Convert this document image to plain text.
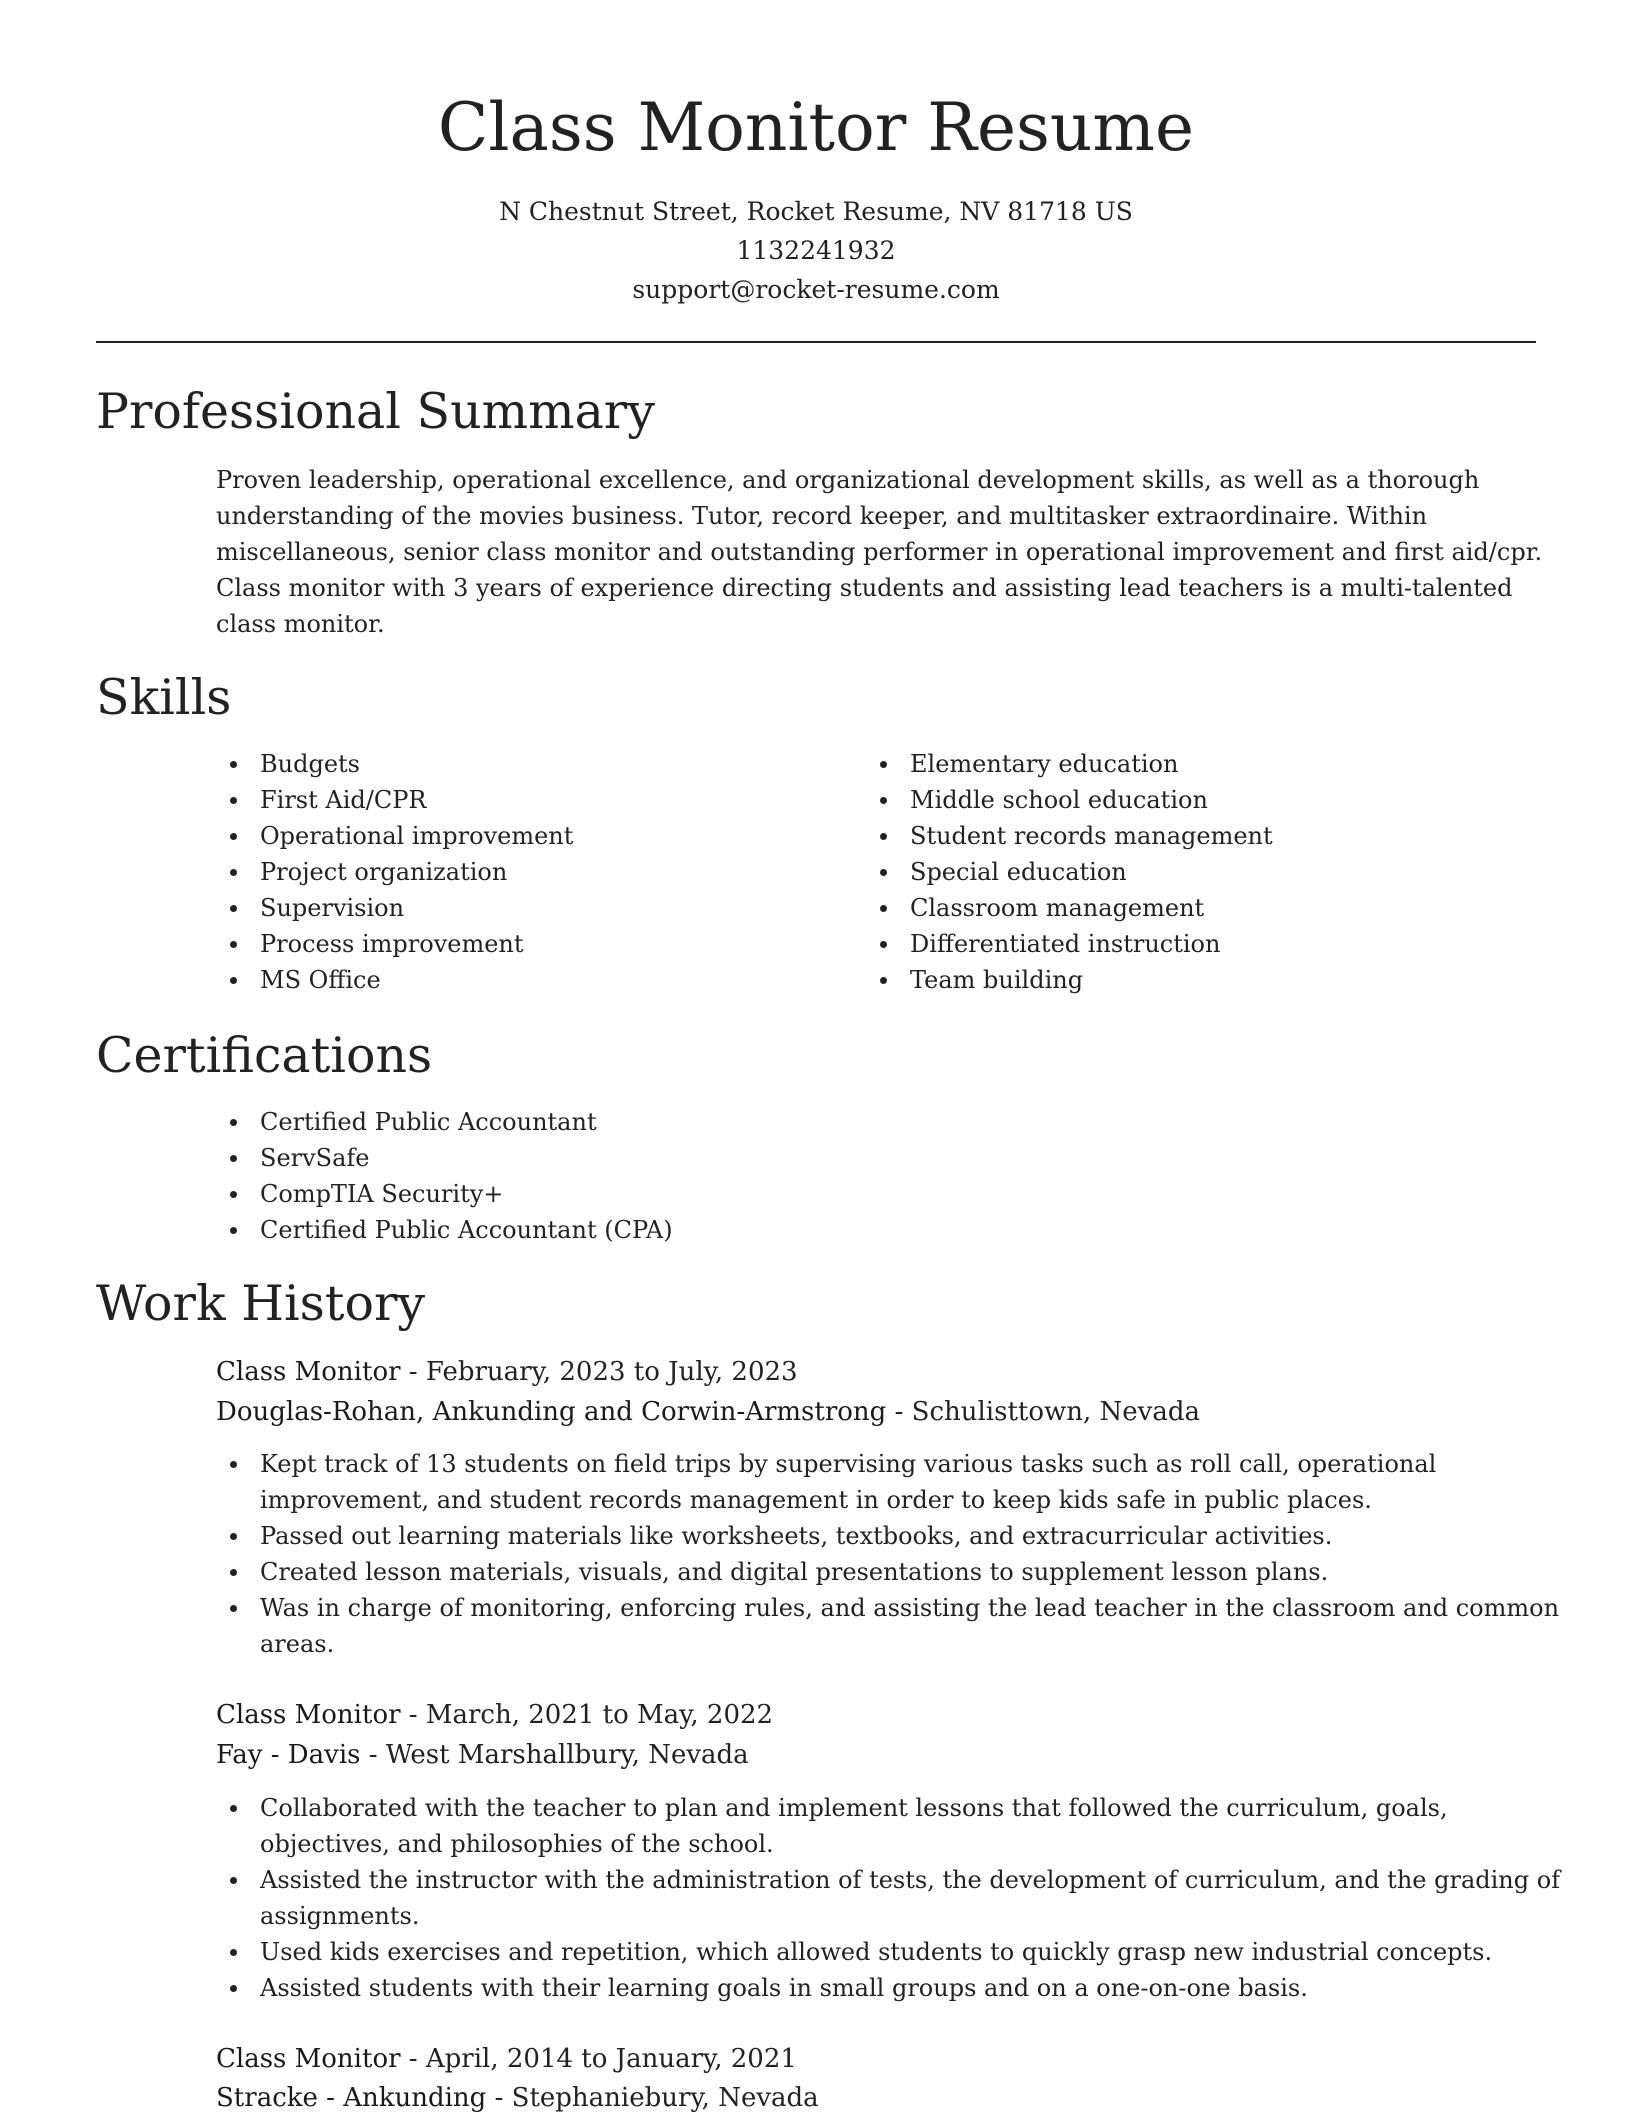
Class Monitor Resume
N Chestnut Street, Rocket Resume, NV 81718 US
1132241932
support@rocket-resume.com
Professional Summary

Proven leadership, operational excellence, and organizational development skills, as well as a thorough understanding of the movies business. Tutor, record keeper, and multitasker extraordinaire. Within miscellaneous, senior class monitor and outstanding performer in operational improvement and first aid/cpr. Class monitor with 3 years of experience directing students and assisting lead teachers is a multi-talented class monitor.

Skills
Budgets
First Aid/CPR
Operational improvement
Project organization
Supervision
Process improvement
MS Office
Elementary education
Middle school education
Student records management
Special education
Classroom management
Differentiated instruction
Team building
Certifications
Certified Public Accountant
ServSafe
CompTIA Security+
Certified Public Accountant (CPA)
Work History

Class Monitor - February, 2023 to July, 2023

Douglas-Rohan, Ankunding and Corwin-Armstrong - Schulisttown, Nevada

Kept track of 13 students on field trips by supervising various tasks such as roll call, operational improvement, and student records management in order to keep kids safe in public places.
Passed out learning materials like worksheets, textbooks, and extracurricular activities.
Created lesson materials, visuals, and digital presentations to supplement lesson plans.
Was in charge of monitoring, enforcing rules, and assisting the lead teacher in the classroom and common areas.

Class Monitor - March, 2021 to May, 2022

Fay - Davis - West Marshallbury, Nevada

Collaborated with the teacher to plan and implement lessons that followed the curriculum, goals, objectives, and philosophies of the school.
Assisted the instructor with the administration of tests, the development of curriculum, and the grading of assignments.
Used kids exercises and repetition, which allowed students to quickly grasp new industrial concepts.
Assisted students with their learning goals in small groups and on a one-on-one basis.

Class Monitor - April, 2014 to January, 2021

Stracke - Ankunding - Stephaniebury, Nevada
